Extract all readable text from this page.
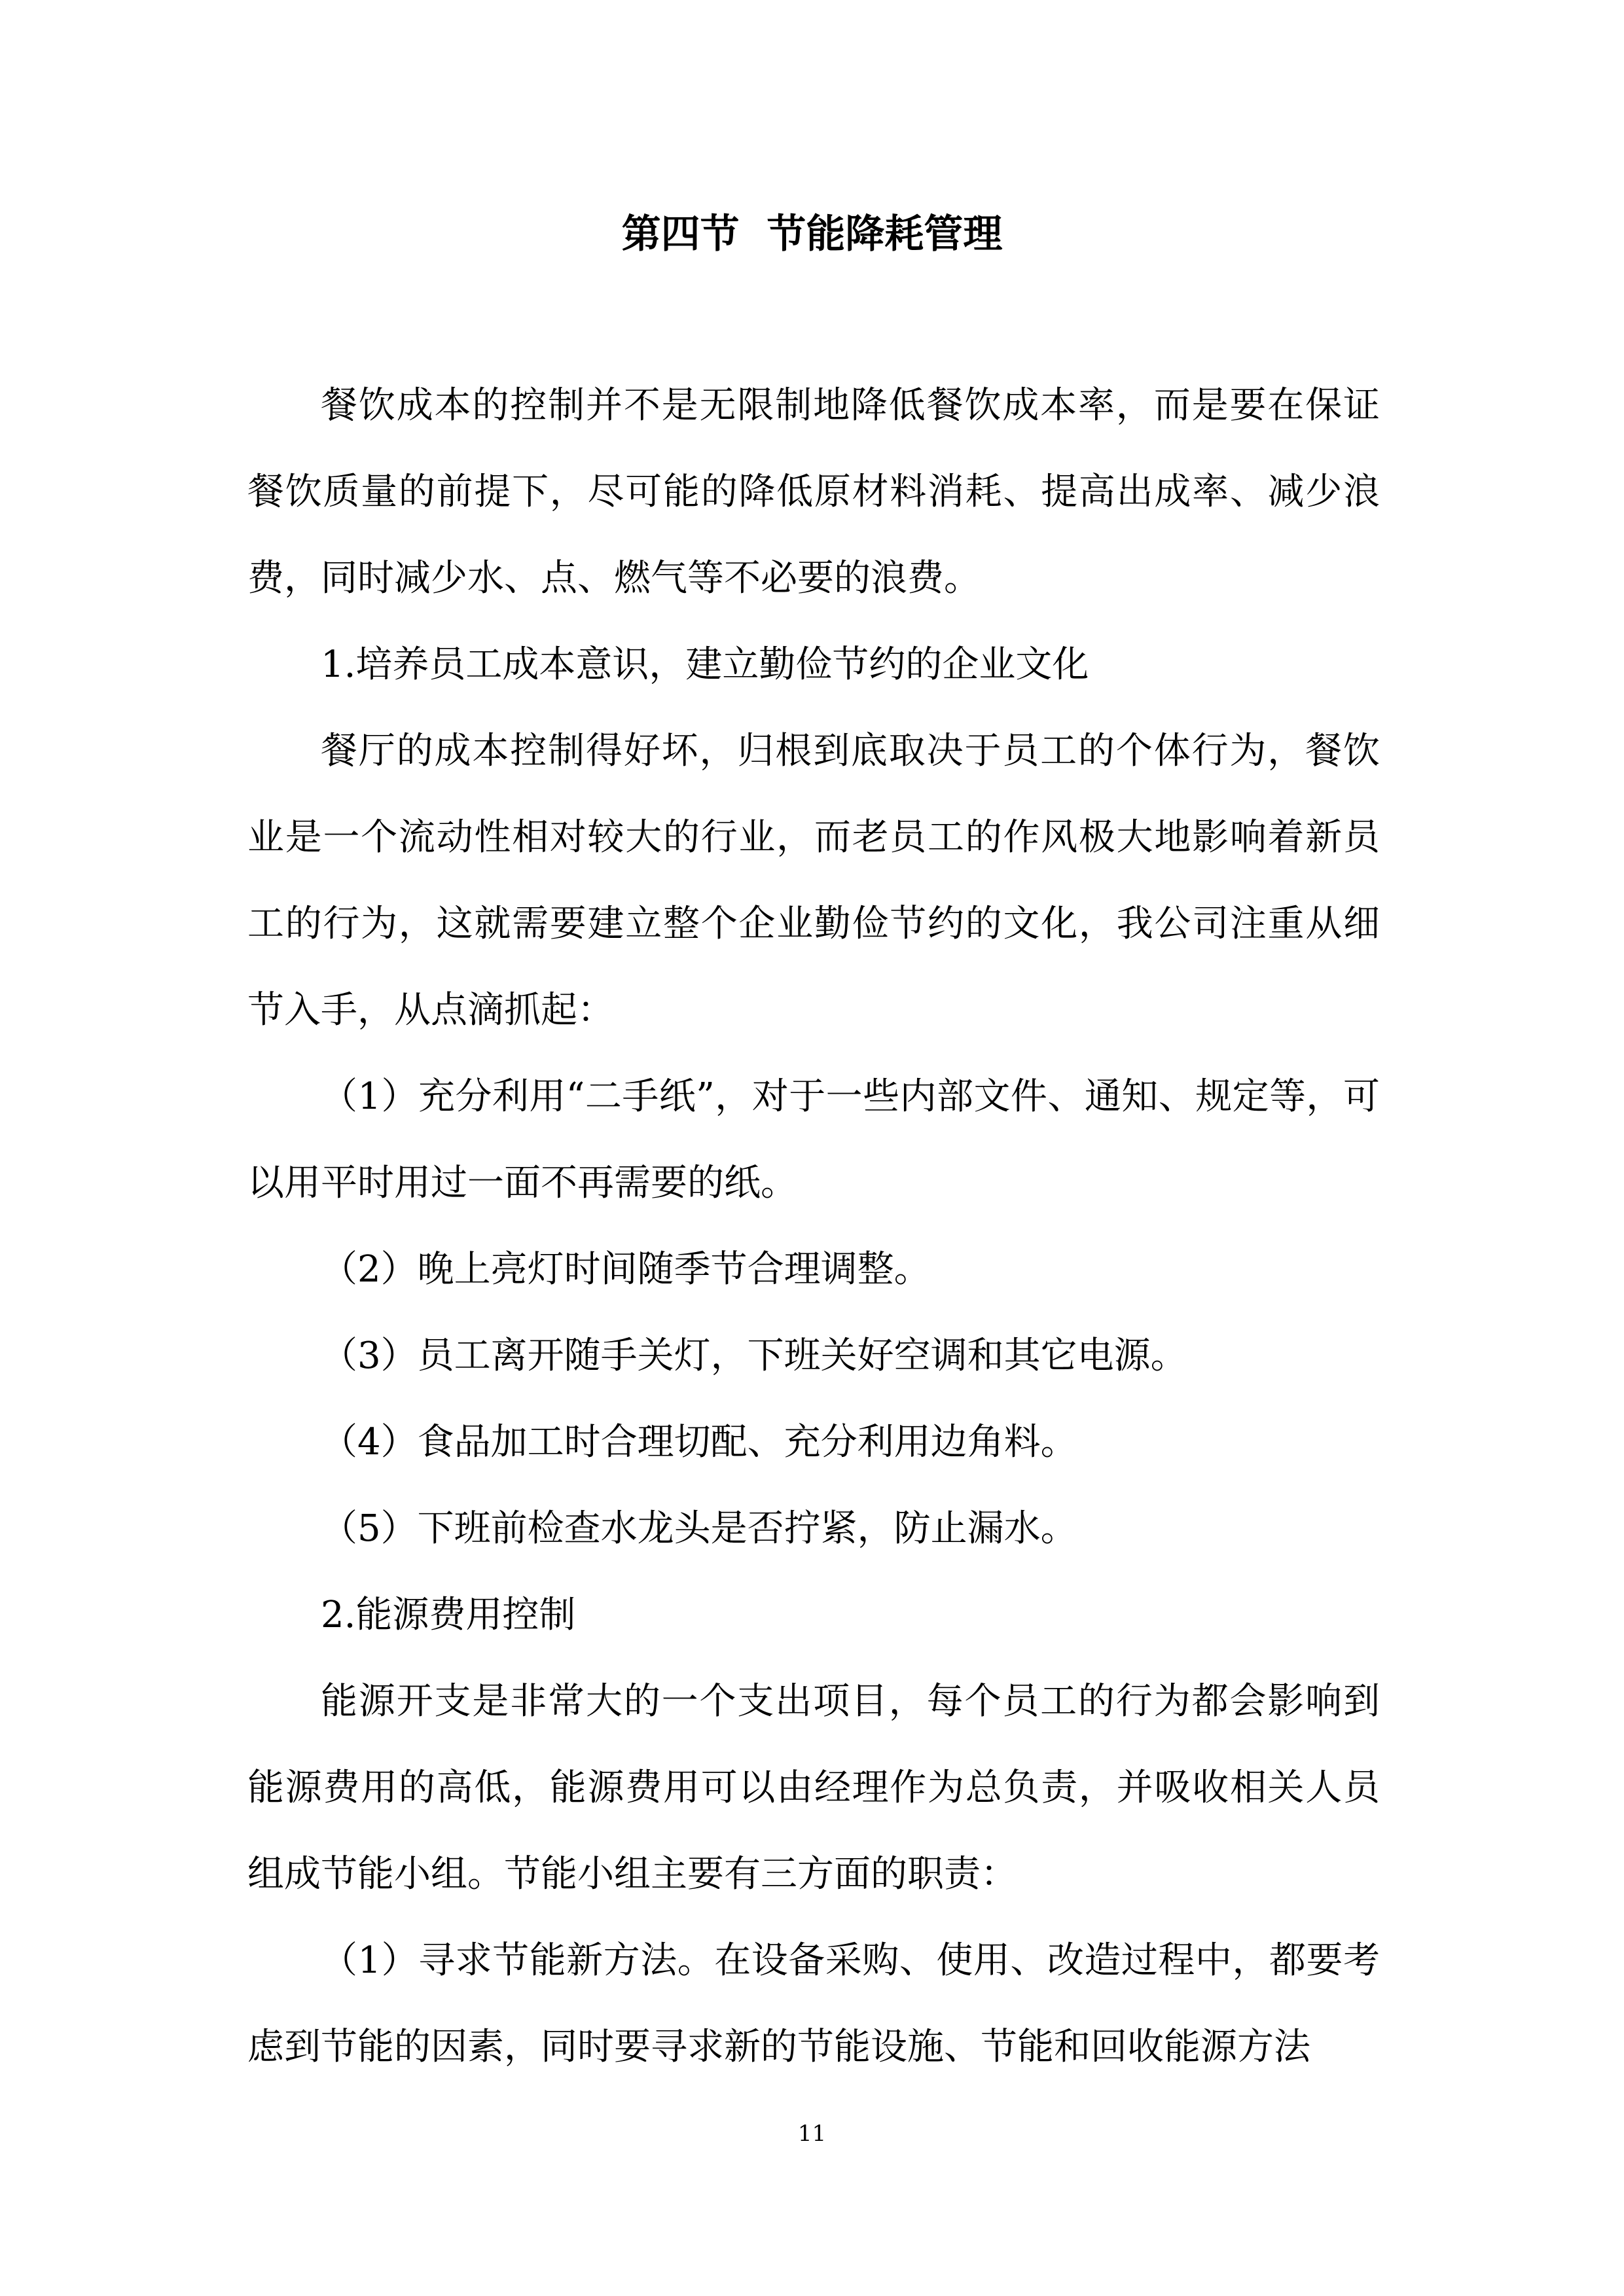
第四节  节能降耗管理

餐饮成本的控制并不是无限制地降低餐饮成本率，而是要在保证餐饮质量的前提下，尽可能的降低原材料消耗、提高出成率、减少浪费，同时减少水、点、燃气等不必要的浪费。

1.培养员工成本意识，建立勤俭节约的企业文化

餐厅的成本控制得好坏，归根到底取决于员工的个体行为，餐饮业是一个流动性相对较大的行业，而老员工的作风极大地影响着新员工的行为，这就需要建立整个企业勤俭节约的文化，我公司注重从细节入手，从点滴抓起：

（1）充分利用“二手纸”，对于一些内部文件、通知、规定等，可以用平时用过一面不再需要的纸。

（2）晚上亮灯时间随季节合理调整。

（3）员工离开随手关灯，下班关好空调和其它电源。

（4）食品加工时合理切配、充分利用边角料。

（5）下班前检查水龙头是否拧紧，防止漏水。

2.能源费用控制

能源开支是非常大的一个支出项目，每个员工的行为都会影响到能源费用的高低，能源费用可以由经理作为总负责，并吸收相关人员组成节能小组。节能小组主要有三方面的职责：

（1）寻求节能新方法。在设备采购、使用、改造过程中，都要考虑到节能的因素，同时要寻求新的节能设施、节能和回收能源方法

11
